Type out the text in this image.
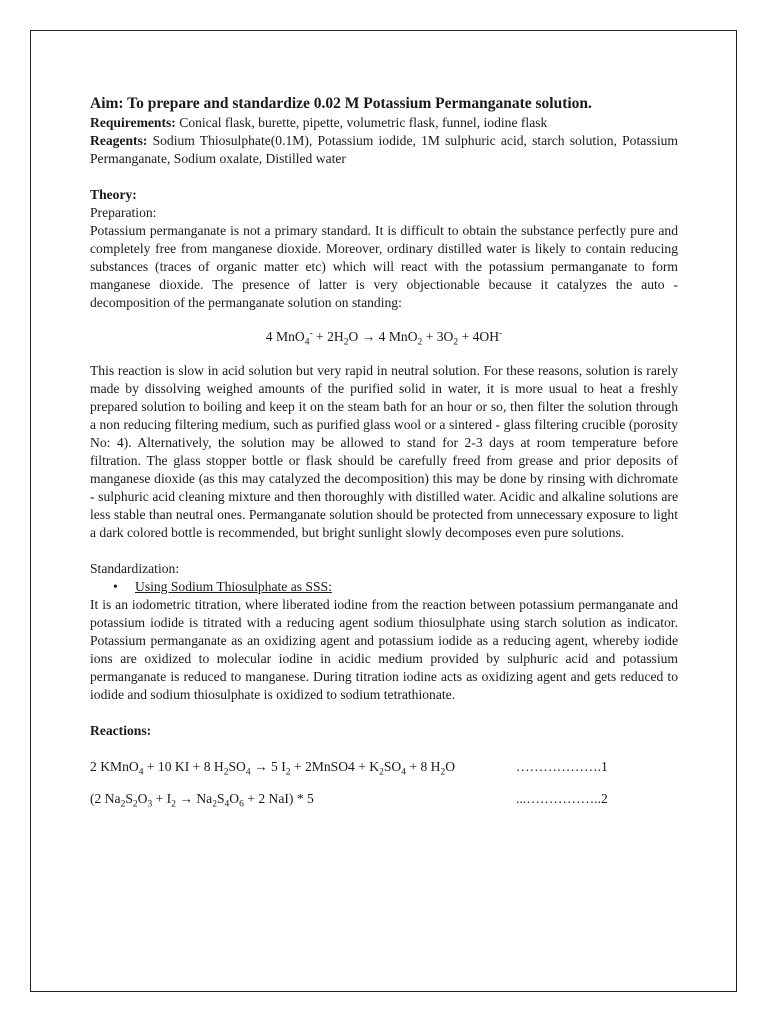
Aim: To prepare and standardize 0.02 M Potassium Permanganate solution.

Requirements: Conical flask, burette, pipette, volumetric flask, funnel, iodine flask

Reagents: Sodium Thiosulphate(0.1M), Potassium iodide, 1M sulphuric acid, starch solution, Potassium Permanganate, Sodium oxalate, Distilled water

Theory:

Preparation:

Potassium permanganate is not a primary standard. It is difficult to obtain the substance perfectly pure and completely free from manganese dioxide. Moreover, ordinary distilled water is likely to contain reducing substances (traces of organic matter etc) which will react with the potassium permanganate to form manganese dioxide. The presence of latter is very objectionable because it catalyzes the auto - decomposition of the permanganate solution on standing:

4 $MnO_4^- + 2H_2O \to 4$ $MnO_2 + 3O_2 + 4OH^-$

This reaction is slow in acid solution but very rapid in neutral solution. For these reasons, solution is rarely made by dissolving weighed amounts of the purified solid in water, it is more usual to heat a freshly prepared solution to boiling and keep it on the steam bath for an hour or so, then filter the solution through a non reducing filtering medium, such as purified glass wool or a sintered - glass filtering crucible (porosity No: 4). Alternatively, the solution may be allowed to stand for 2-3 days at room temperature before filtration. The glass stopper bottle or flask should be carefully freed from grease and prior deposits of manganese dioxide (as this may catalyzed the decomposition) this may be done by rinsing with dichromate - sulphuric acid cleaning mixture and then thoroughly with distilled water. Acidic and alkaline solutions are less stable than neutral ones. Permanganate solution should be protected from unnecessary exposure to light a dark colored bottle is recommended, but bright sunlight slowly decomposes even pure solutions.

Standardization:

• Using Sodium Thiosulphate as SSS:

It is an iodometric titration, where liberated iodine from the reaction between potassium permanganate and potassium iodide is titrated with a reducing agent sodium thiosulphate using starch solution as indicator. Potassium permanganate as an oxidizing agent and potassium iodide as a reducing agent, whereby iodide ions are oxidized to molecular iodine in acidic medium provided by sulphuric acid and potassium permanganate is reduced to manganese. During titration iodine acts as oxidizing agent and gets reduced to iodide and sodium thiosulphate is oxidized to sodium tetrathionate.

Reactions:

2 KMnO$_4$ + 10 KI + 8 $H_2SO_4 \to 5$ $I_2$ + 2MnSO4 + $K_2SO_4 + 8$ $H_2O$	……………….1
(2 $Na_2S_2O_3 + I_2 \to Na_2S_4O_6 + 2$ NaI) * 5	...……………..2
